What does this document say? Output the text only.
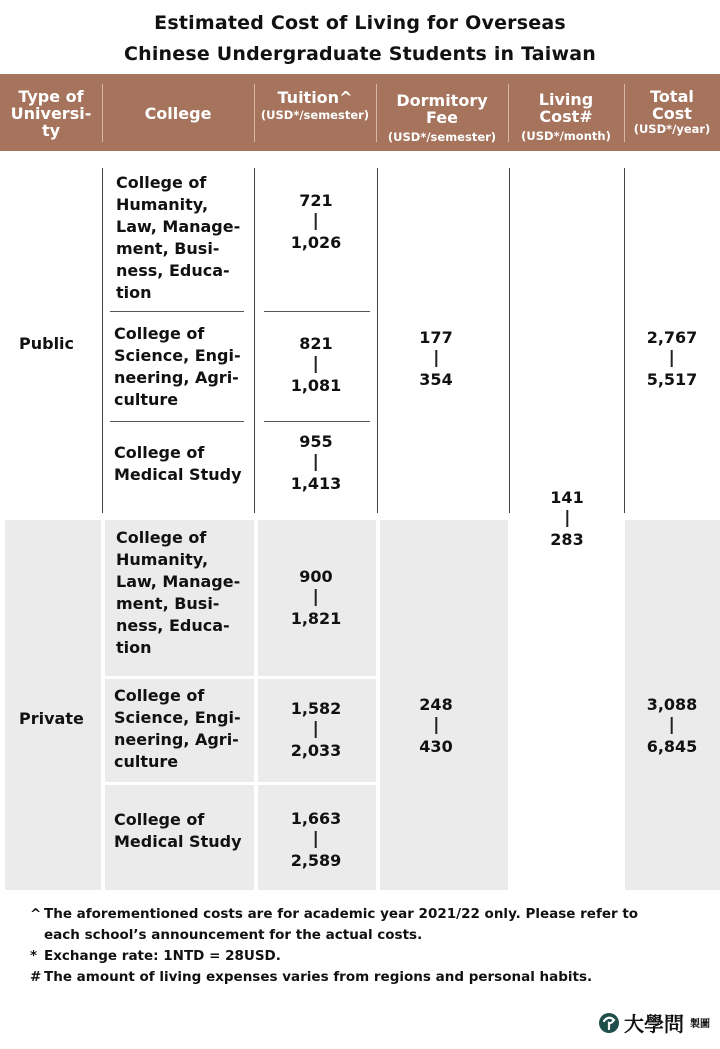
Estimated Cost of Living for Overseas
Chinese Undergraduate Students in Taiwan
Type of
Universi-
ty
College
Tuition^
(USD*/semester)
Dormitory
Fee
(USD*/semester)
Living
Cost#
(USD*/month)
Total
Cost
(USD*/year)
Public
Private
College of
Humanity,
Law, Manage-
ment, Busi-
ness, Educa-
tion
College of
Science, Engi-
neering, Agri-
culture
College of
Medical Study
721
1,026
821
1,081
955
1,413
177
354
2,767
5,517
141
283
College of
Humanity,
Law, Manage-
ment, Busi-
ness, Educa-
tion
College of
Science, Engi-
neering, Agri-
culture
College of
Medical Study
900
1,821
1,582
2,033
1,663
2,589
248
430
3,088
6,845
^ The aforementioned costs are for academic year 2021/22 only. Please refer to
each school’s announcement for the actual costs.
* Exchange rate: 1NTD = 28USD.
# The amount of living expenses varies from regions and personal habits.
大學問 製圖
